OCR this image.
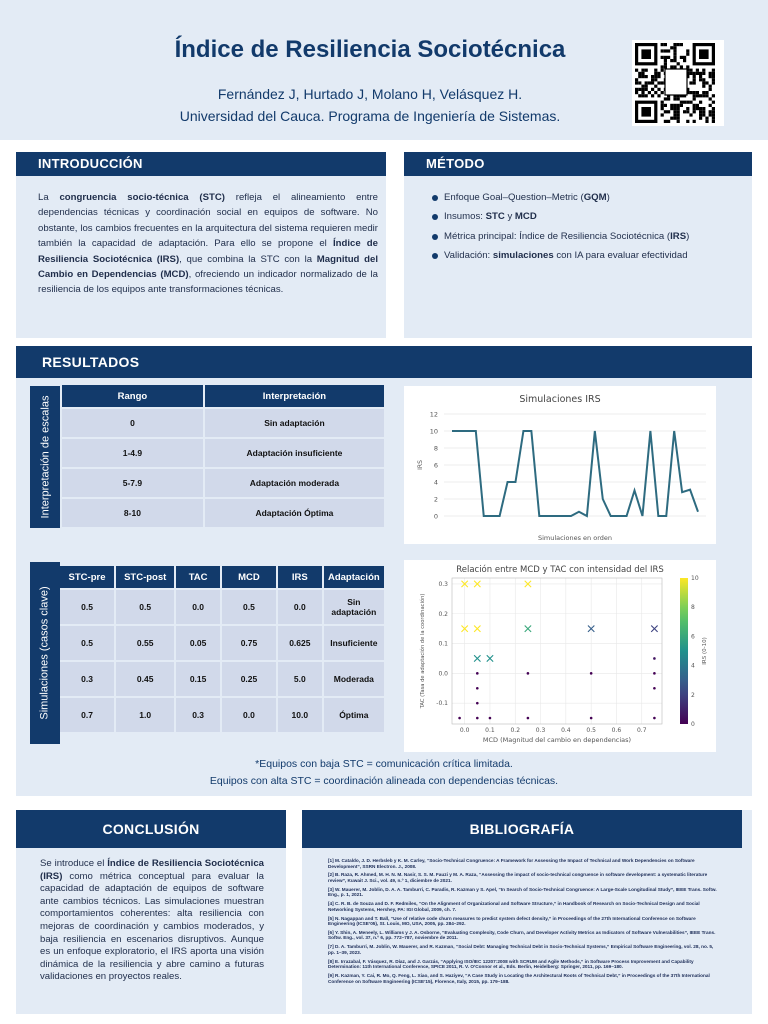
Índice de Resiliencia Sociotécnica
Fernández J, Hurtado J, Molano H, Velásquez H.
Universidad del Cauca. Programa de Ingeniería de Sistemas.
INTRODUCCIÓN
La congruencia socio-técnica (STC) refleja el alineamiento entre dependencias técnicas y coordinación social en equipos de software. No obstante, los cambios frecuentes en la arquitectura del sistema requieren medir también la capacidad de adaptación. Para ello se propone el Índice de Resiliencia Sociotécnica (IRS), que combina la STC con la Magnitud del Cambio en Dependencias (MCD), ofreciendo un indicador normalizado de la resiliencia de los equipos ante transformaciones técnicas.
MÉTODO
Enfoque Goal–Question–Metric (GQM)
Insumos: STC y MCD
Métrica principal: Índice de Resiliencia Sociotécnica (IRS)
Validación: simulaciones con IA para evaluar efectividad
RESULTADOS
Interpretación de escalas	Rango	Interpretación
0	Sin adaptación
1-4.9	Adaptación insuficiente
5-7.9	Adaptación moderada
8-10	Adaptación Óptima
Simulaciones (casos clave)
STC-pre	STC-post	TAC	MCD	IRS	Adaptación
0.5	0.5	0.0	0.5	0.0	Sin adaptación
0.5	0.55	0.05	0.75	0.625	Insuficiente
0.3	0.45	0.15	0.25	5.0	Moderada
0.7	1.0	0.3	0.0	10.0	Óptima
Simulaciones IRS
0
2
4
6
8
10
12
IRS
Simulaciones en orden
Relación entre MCD y TAC con intensidad del IRS
0.0	0.1	0.2	0.3	0.4	0.5	0.6	0.7
-0.1
0.0
0.1
0.2
0.3
MCD (Magnitud del cambio en dependencias)
TAC (Tasa de adaptación de la coordinación)
0
2
4
6
8
10
IRS (0-10)
*Equipos con baja STC = comunicación crítica limitada.
Equipos con alta STC = coordinación alineada con dependencias técnicas.
CONCLUSIÓN
Se introduce el Índice de Resiliencia Sociotécnica (IRS) como métrica conceptual para evaluar la capacidad de adaptación de equipos de software ante cambios técnicos. Las simulaciones muestran comportamientos coherentes: alta resiliencia con mejoras de coordinación y cambios moderados, y baja resiliencia en escenarios disruptivos. Aunque es un enfoque exploratorio, el IRS aporta una visión dinámica de la resiliencia y abre camino a futuras validaciones en proyectos reales.
BIBLIOGRAFÍA

[1] M. Cataldo, J. D. Herbsleb y K. M. Carley, “Socio-Technical Congruence: A Framework for Assessing the Impact of Technical and Work Dependencies on Software Development”, SSRN Electron. J., 2008.

[2] B. Raza, R. Ahmed, M. H. N. M. Nasir, S. S. M. Fauzi y M. A. Raza, “Assessing the impact of socio-technical congruence in software development: a systematic literature review”, Kuwait J. Sci., vol. 49, n.º 1, diciembre de 2021.

[3] W. Mauerer, M. Joblin, D. A. A. Tamburri, C. Paradis, R. Kazman y S. Apel, “In Search of Socio-Technical Congruence: A Large-Scale Longitudinal Study”, IEEE Trans. Softw. Eng., p. 1, 2021.

[4] C. R. B. de Souza and D. F. Redmiles, “On the Alignment of Organizational and Software Structure,” in Handbook of Research on Socio-Technical Design and Social Networking Systems, Hershey, PA: IGI Global, 2009, ch. 7.

[5] N. Nagappan and T. Ball, “Use of relative code churn measures to predict system defect density,” in Proceedings of the 27th International Conference on Software Engineering (ICSE’05), St. Louis, MO, USA, 2005, pp. 284–292.

[6] Y. Shin, A. Meneely, L. Williams y J. A. Osborne, “Evaluating Complexity, Code Churn, and Developer Activity Metrics as Indicators of Software Vulnerabilities”, IEEE Trans. Softw. Eng., vol. 37, n.º 6, pp. 772–787, noviembre de 2011.

[7] D. A. Tamburri, M. Joblin, W. Mauerer, and R. Kazman, “Social Debt: Managing Technical Debt in Socio-Technical Systems,” Empirical Software Engineering, vol. 28, no. 5, pp. 1–39, 2023.

[8] E. Irrazabal, F. Vásquez, R. Díaz, and J. Garzás, “Applying ISO/IEC 12207:2008 with SCRUM and Agile Methods,” in Software Process Improvement and Capability Determination: 11th International Conference, SPICE 2011, R. V. O’Connor et al., Eds. Berlin, Heidelberg: Springer, 2011, pp. 169–180.

[9] R. Kazman, Y. Cai, R. Mo, Q. Feng, L. Xiao, and S. Haziyev, “A Case Study in Locating the Architectural Roots of Technical Debt,” in Proceedings of the 37th International Conference on Software Engineering (ICSE’15), Florence, Italy, 2015, pp. 179–188.
